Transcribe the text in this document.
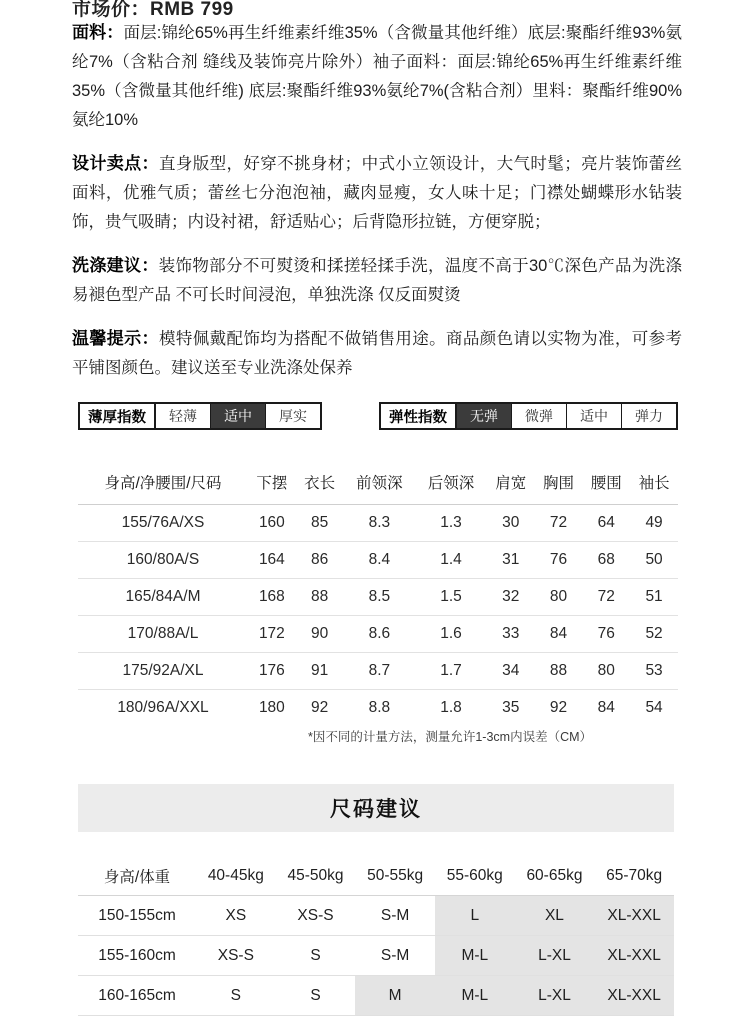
市场价：RMB 799

面料：面层:锦纶65%再生纤维素纤维35%（含微量其他纤维）底层:聚酯纤维93%氨纶7%（含粘合剂 缝线及装饰亮片除外）袖子面料：面层:锦纶65%再生纤维素纤维35%（含微量其他纤维) 底层:聚酯纤维93%氨纶7%(含粘合剂）里料：聚酯纤维90%氨纶10%

设计卖点：直身版型，好穿不挑身材；中式小立领设计，大气时髦；亮片装饰蕾丝面料，优雅气质；蕾丝七分泡泡袖，藏肉显瘦，女人味十足；门襟处蝴蝶形水钻装饰，贵气吸睛；内设衬裙，舒适贴心；后背隐形拉链，方便穿脱；

洗涤建议：装饰物部分不可熨烫和揉搓轻揉手洗，温度不高于30℃深色产品为洗涤易褪色型产品 不可长时间浸泡，单独洗涤 仅反面熨烫

温馨提示：模特佩戴配饰均为搭配不做销售用途。商品颜色请以实物为准，可参考平铺图颜色。建议送至专业洗涤处保养

薄厚指数	轻薄	适中	厚实	弹性指数	无弹	微弹	适中	弹力
身高/净腰围/尺码	下摆	衣长	前领深	后领深	肩宽	胸围	腰围	袖长
155/76A/XS	160	85	8.3	1.3	30	72	64	49
160/80A/S	164	86	8.4	1.4	31	76	68	50
165/84A/M	168	88	8.5	1.5	32	80	72	51
170/88A/L	172	90	8.6	1.6	33	84	76	52
175/92A/XL	176	91	8.7	1.7	34	88	80	53
180/96A/XXL	180	92	8.8	1.8	35	92	84	54
*因不同的计量方法，测量允许1-3cm内误差（CM）
尺码建议
身高/体重	40-45kg	45-50kg	50-55kg	55-60kg	60-65kg	65-70kg
150-155cm	XS	XS-S	S-M	L	XL	XL-XXL
155-160cm	XS-S	S	S-M	M-L	L-XL	XL-XXL
160-165cm	S	S	M	M-L	L-XL	XL-XXL
